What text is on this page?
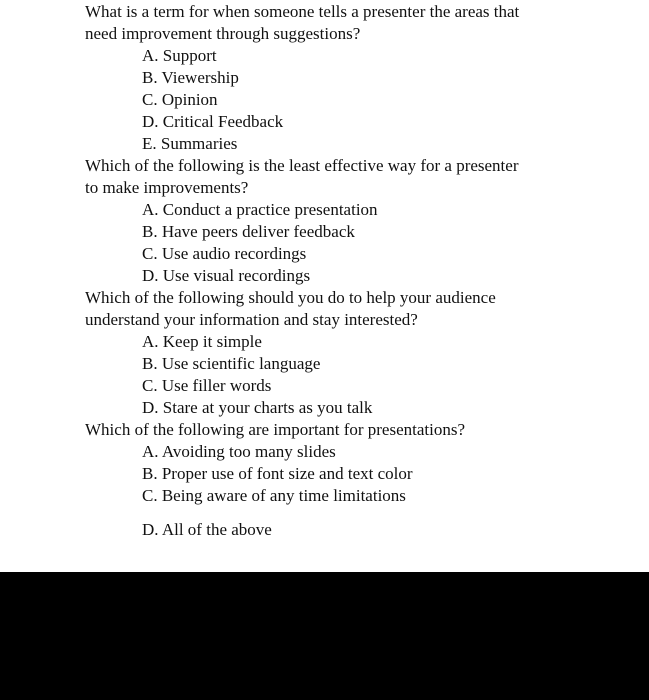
What is a term for when someone tells a presenter the areas that
need improvement through suggestions?
A. Support
B. Viewership
C. Opinion
D. Critical Feedback
E. Summaries
Which of the following is the least effective way for a presenter
to make improvements?
A. Conduct a practice presentation
B. Have peers deliver feedback
C. Use audio recordings
D. Use visual recordings
Which of the following should you do to help your audience
understand your information and stay interested?
A. Keep it simple
B. Use scientific language
C. Use filler words
D. Stare at your charts as you talk
Which of the following are important for presentations?
A. Avoiding too many slides
B. Proper use of font size and text color
C. Being aware of any time limitations
D. All of the above
